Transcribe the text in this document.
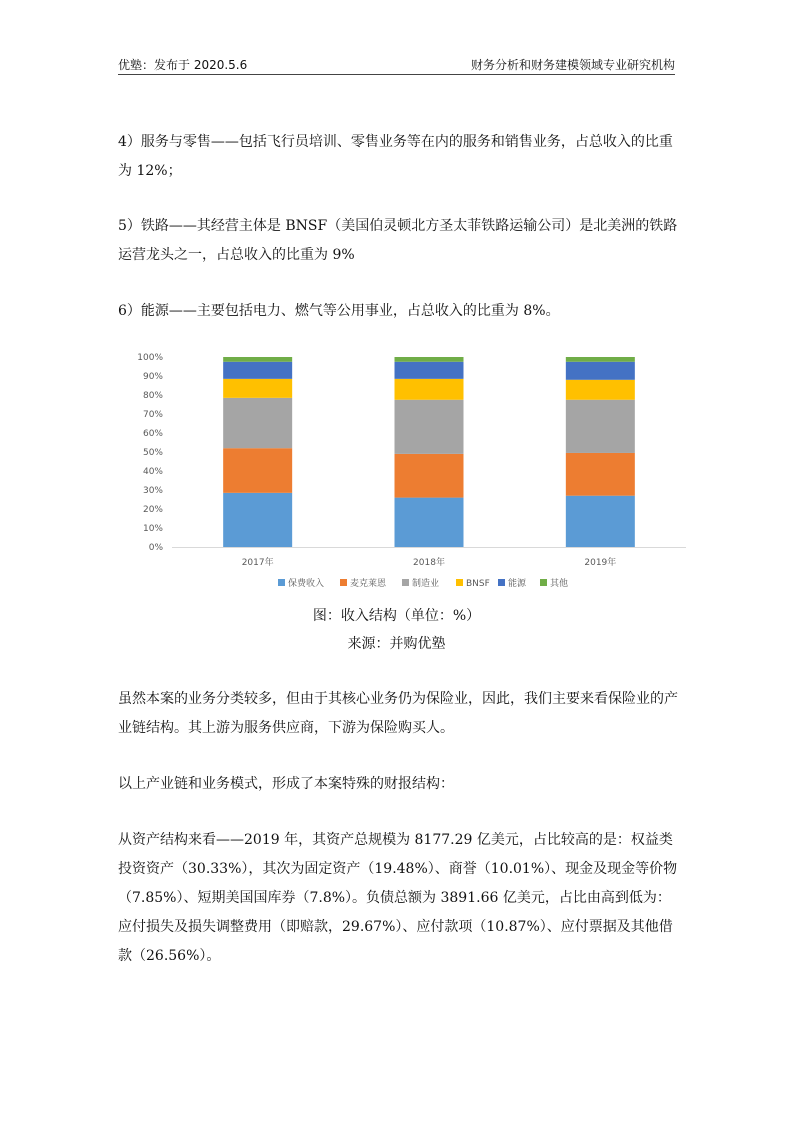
优塾：发布于 2020.5.6	财务分析和财务建模领域专业研究机构

4）服务与零售——包括飞行员培训、零售业务等在内的服务和销售业务，占总收入的比重为 12%；

5）铁路——其经营主体是 BNSF（美国伯灵顿北方圣太菲铁路运输公司）是北美洲的铁路运营龙头之一，占总收入的比重为 9%

6）能源——主要包括电力、燃气等公用事业，占总收入的比重为 8%。

0%
10%
20%
30%
40%
50%
60%
70%
80%
90%
100%
2017年	2018年	2019年
保费收入	麦克莱恩	制造业	BNSF 能源	其他
图：收入结构（单位：%）
来源：并购优塾

虽然本案的业务分类较多，但由于其核心业务仍为保险业，因此，我们主要来看保险业的产业链结构。其上游为服务供应商，下游为保险购买人。

以上产业链和业务模式，形成了本案特殊的财报结构：

从资产结构来看——2019 年，其资产总规模为 8177.29 亿美元，占比较高的是：权益类投资资产（30.33%），其次为固定资产（19.48%）、商誉（10.01%）、现金及现金等价物（7.85%）、短期美国国库券（7.8%）。负债总额为 3891.66 亿美元，占比由高到低为：应付损失及损失调整费用（即赔款，29.67%）、应付款项（10.87%）、应付票据及其他借款（26.56%）。
